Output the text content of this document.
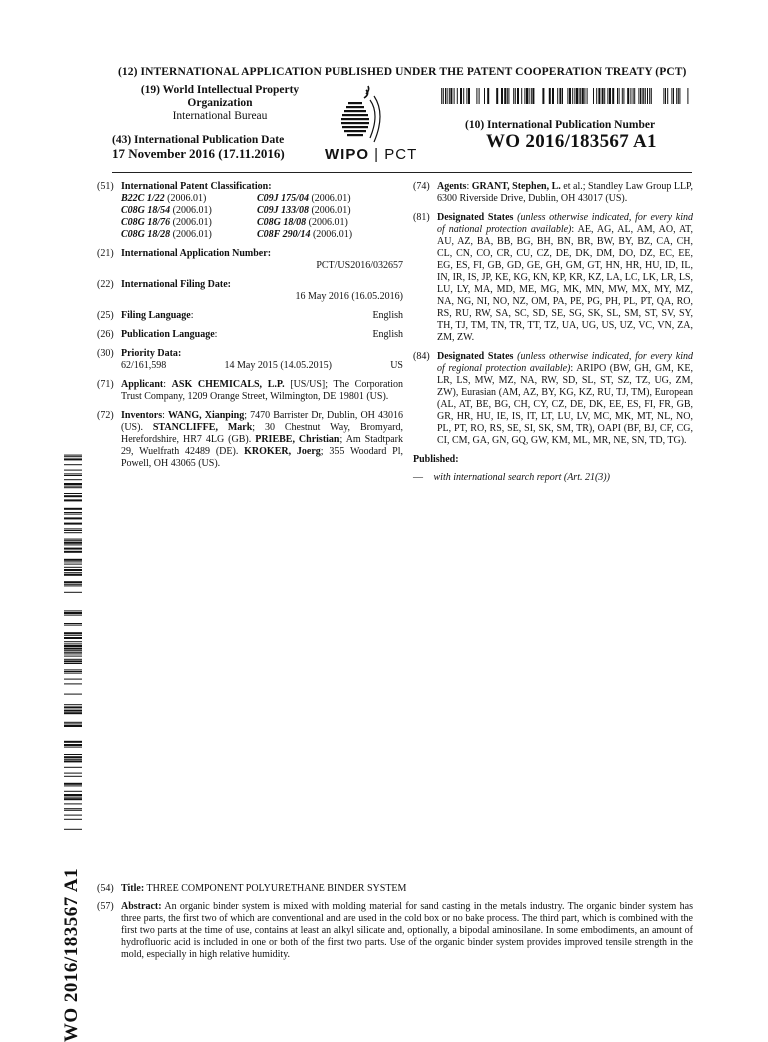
(12) INTERNATIONAL APPLICATION PUBLISHED UNDER THE PATENT COOPERATION TREATY (PCT)
(19) World Intellectual Property
Organization
International Bureau
(43) International Publication Date
17 November 2016 (17.11.2016)	WIPO | PCT
(10) International Publication Number
WO 2016/183567 A1
(51) International Patent Classification:
B22C 1/22 (2006.01)	C09J 175/04 (2006.01)
C08G 18/54 (2006.01)	C09J 133/08 (2006.01)
C08G 18/76 (2006.01)	C08G 18/08 (2006.01)
C08G 18/28 (2006.01)	C08F 290/14 (2006.01)
(21) International Application Number:
PCT/US2016/032657
(22) International Filing Date:
16 May 2016 (16.05.2016)
(25) Filing Language:	English
(26) Publication Language:	English
(30) Priority Data:
62/161,598	14 May 2015 (14.05.2015)	US
(71) Applicant: ASK CHEMICALS, L.P. [US/US]; The Corporation Trust Company, 1209 Orange Street, Wilmington, DE 19801 (US).
(72) Inventors: WANG, Xianping; 7470 Barrister Dr, Dublin, OH 43016 (US). STANCLIFFE, Mark; 30 Chestnut Way, Bromyard, Herefordshire, HR7 4LG (GB). PRIEBE, Christian; Am Stadtpark 29, Wuelfrath 42489 (DE). KROKER, Joerg; 355 Woodard Pl, Powell, OH 43065 (US).
(74) Agents: GRANT, Stephen, L. et al.; Standley Law Group LLP, 6300 Riverside Drive, Dublin, OH 43017 (US).
(81) Designated States (unless otherwise indicated, for every kind of national protection available): AE, AG, AL, AM, AO, AT, AU, AZ, BA, BB, BG, BH, BN, BR, BW, BY, BZ, CA, CH, CL, CN, CO, CR, CU, CZ, DE, DK, DM, DO, DZ, EC, EE, EG, ES, FI, GB, GD, GE, GH, GM, GT, HN, HR, HU, ID, IL, IN, IR, IS, JP, KE, KG, KN, KP, KR, KZ, LA, LC, LK, LR, LS, LU, LY, MA, MD, ME, MG, MK, MN, MW, MX, MY, MZ, NA, NG, NI, NO, NZ, OM, PA, PE, PG, PH, PL, PT, QA, RO, RS, RU, RW, SA, SC, SD, SE, SG, SK, SL, SM, ST, SV, SY, TH, TJ, TM, TN, TR, TT, TZ, UA, UG, US, UZ, VC, VN, ZA, ZM, ZW.
(84) Designated States (unless otherwise indicated, for every kind of regional protection available): ARIPO (BW, GH, GM, KE, LR, LS, MW, MZ, NA, RW, SD, SL, ST, SZ, TZ, UG, ZM, ZW), Eurasian (AM, AZ, BY, KG, KZ, RU, TJ, TM), European (AL, AT, BE, BG, CH, CY, CZ, DE, DK, EE, ES, FI, FR, GB, GR, HR, HU, IE, IS, IT, LT, LU, LV, MC, MK, MT, NL, NO, PL, PT, RO, RS, SE, SI, SK, SM, TR), OAPI (BF, BJ, CF, CG, CI, CM, GA, GN, GQ, GW, KM, ML, MR, NE, SN, TD, TG).
Published:
— with international search report (Art. 21(3))
WO 2016/183567 A1 (54) Title: THREE COMPONENT POLYURETHANE BINDER SYSTEM
(57) Abstract: An organic binder system is mixed with molding material for sand casting in the metals industry. The organic binder system has three parts, the first two of which are conventional and are used in the cold box or no bake process. The third part, which is combined with the first two parts at the time of use, contains at least an alkyl silicate and, optionally, a bipodal aminosilane. In some embodiments, an amount of hydrofluoric acid is included in one or both of the first two parts. Use of the organic binder system provides improved tensile strength in the mold, especially in high relative humidity.
